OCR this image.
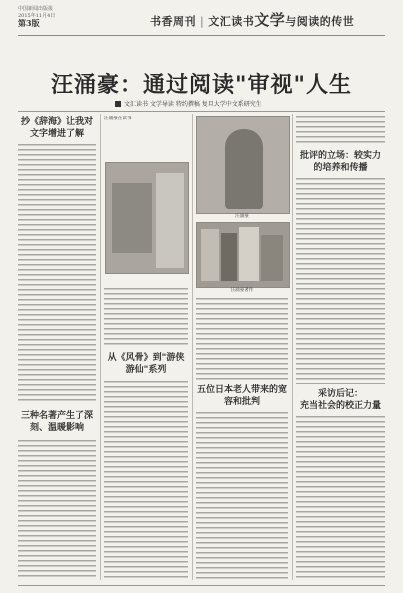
中国新闻出版报
2015年11月4日
第3版	书香周刊 | 文汇读书文学与阅读的传世
汪涌豪：通过阅读"审视"人生
文汇读书 文学导读 特约撰稿 复旦大学中文系研究生
抄《辞海》让我对文字增进了解
三种名著产生了深刻、温暖影响
汪涌豪在读书
从《风骨》到"游侠游仙"系列
汪涌豪
汪涌豪著作
五位日本老人带来的宽容和批判
批评的立场：较实力的培养和传播
采访后记：
充当社会的校正力量
